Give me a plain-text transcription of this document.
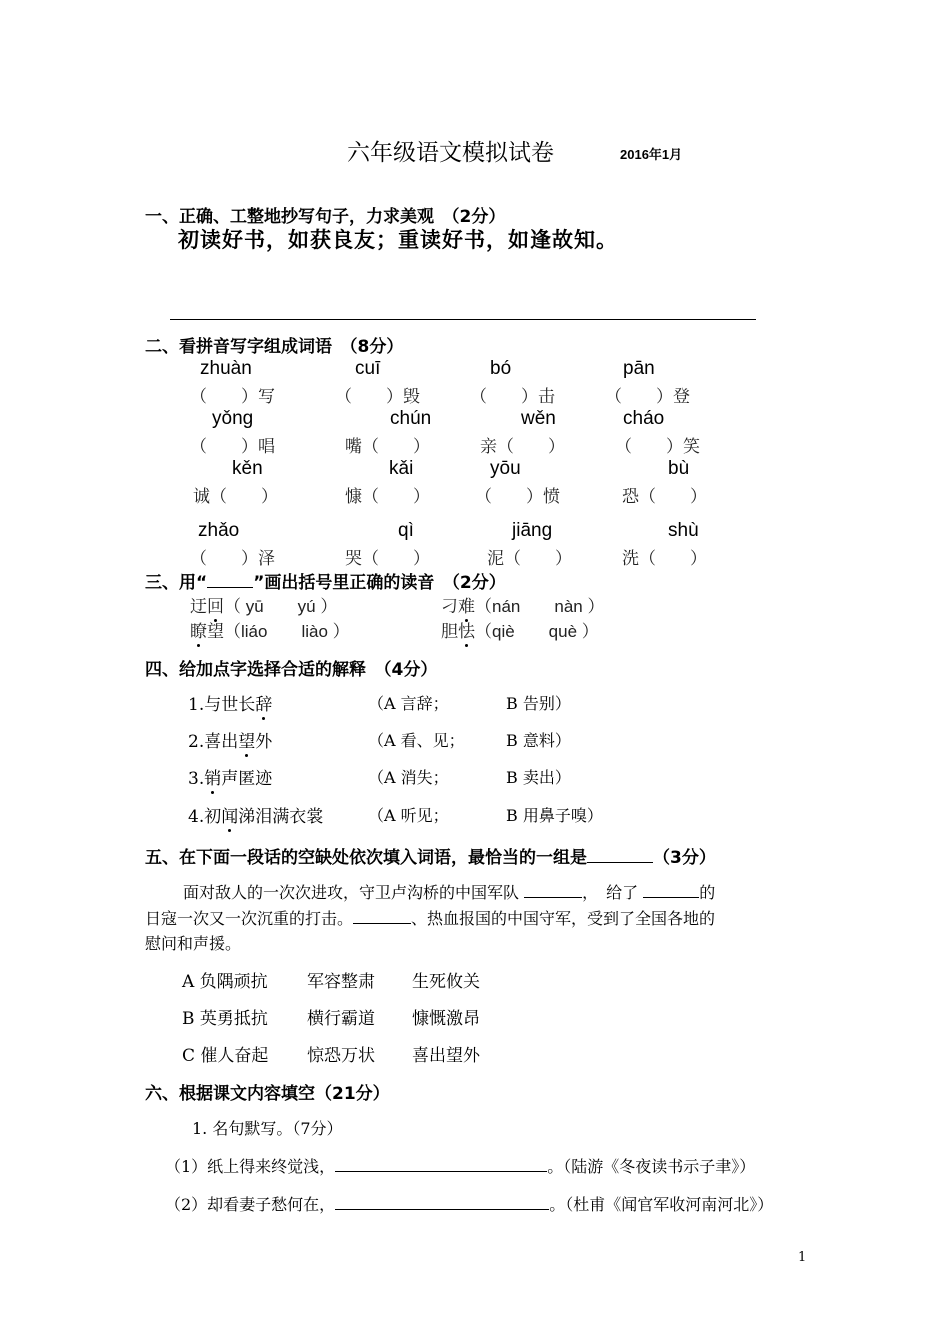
六年级语文模拟试卷	2016年1月
一、正确、工整地抄写句子，力求美观　（2分）
初读好书，如获良友；重读好书，如逢故知。
二、看拼音写字组成词语　（8分）
zhuàn	cuī	bó	pān
（　　）写	（　　）毁	（　　）击	（　　）登
yǒng	chún	wěn	cháo
（　　）唱	嘴（　　）	亲（　　）	（　　）笑
kěn	kǎi	yōu	bù
诚（　　）	慷（　　）	（　　）愤	恐（　　）
zhǎo	qì	jiāng	shù
（　　）泽	哭（　　）	泥（　　）	洗（　　）
三、用“	”画出括号里正确的读音　（2分）
迂回（ yū　　yú ）	刁难（nán　　nàn ）
瞭望（liáo　　liào ）	胆怯（qiè　　què ）
四、给加点字选择合适的解释　（4分）
1.与世长辞	（A 言辞；	B 告别）
2.喜出望外	（A 看、见；	B 意料）
3.销声匿迹	（A 消失；	B 卖出）
4.初闻涕泪满衣裳	（A 听见；	B 用鼻子嗅）
五、在下面一段话的空缺处依次填入词语，最恰当的一组是	（3分）
面对敌人的一次次进攻，守卫卢沟桥的中国军队	，　给了	的
日寇一次又一次沉重的打击。	、热血报国的中国守军，受到了全国各地的
慰问和声援。
A 负隅顽抗 军容整肃 生死攸关
B 英勇抵抗 横行霸道 慷慨激昂
C 催人奋起 惊恐万状 喜出望外
六、根据课文内容填空（21分）
1. 名句默写。（7分）
（1）纸上得来终觉浅，	。（陆游《冬夜读书示子聿》）
（2）却看妻子愁何在，	。（杜甫《闻官军收河南河北》）
1
